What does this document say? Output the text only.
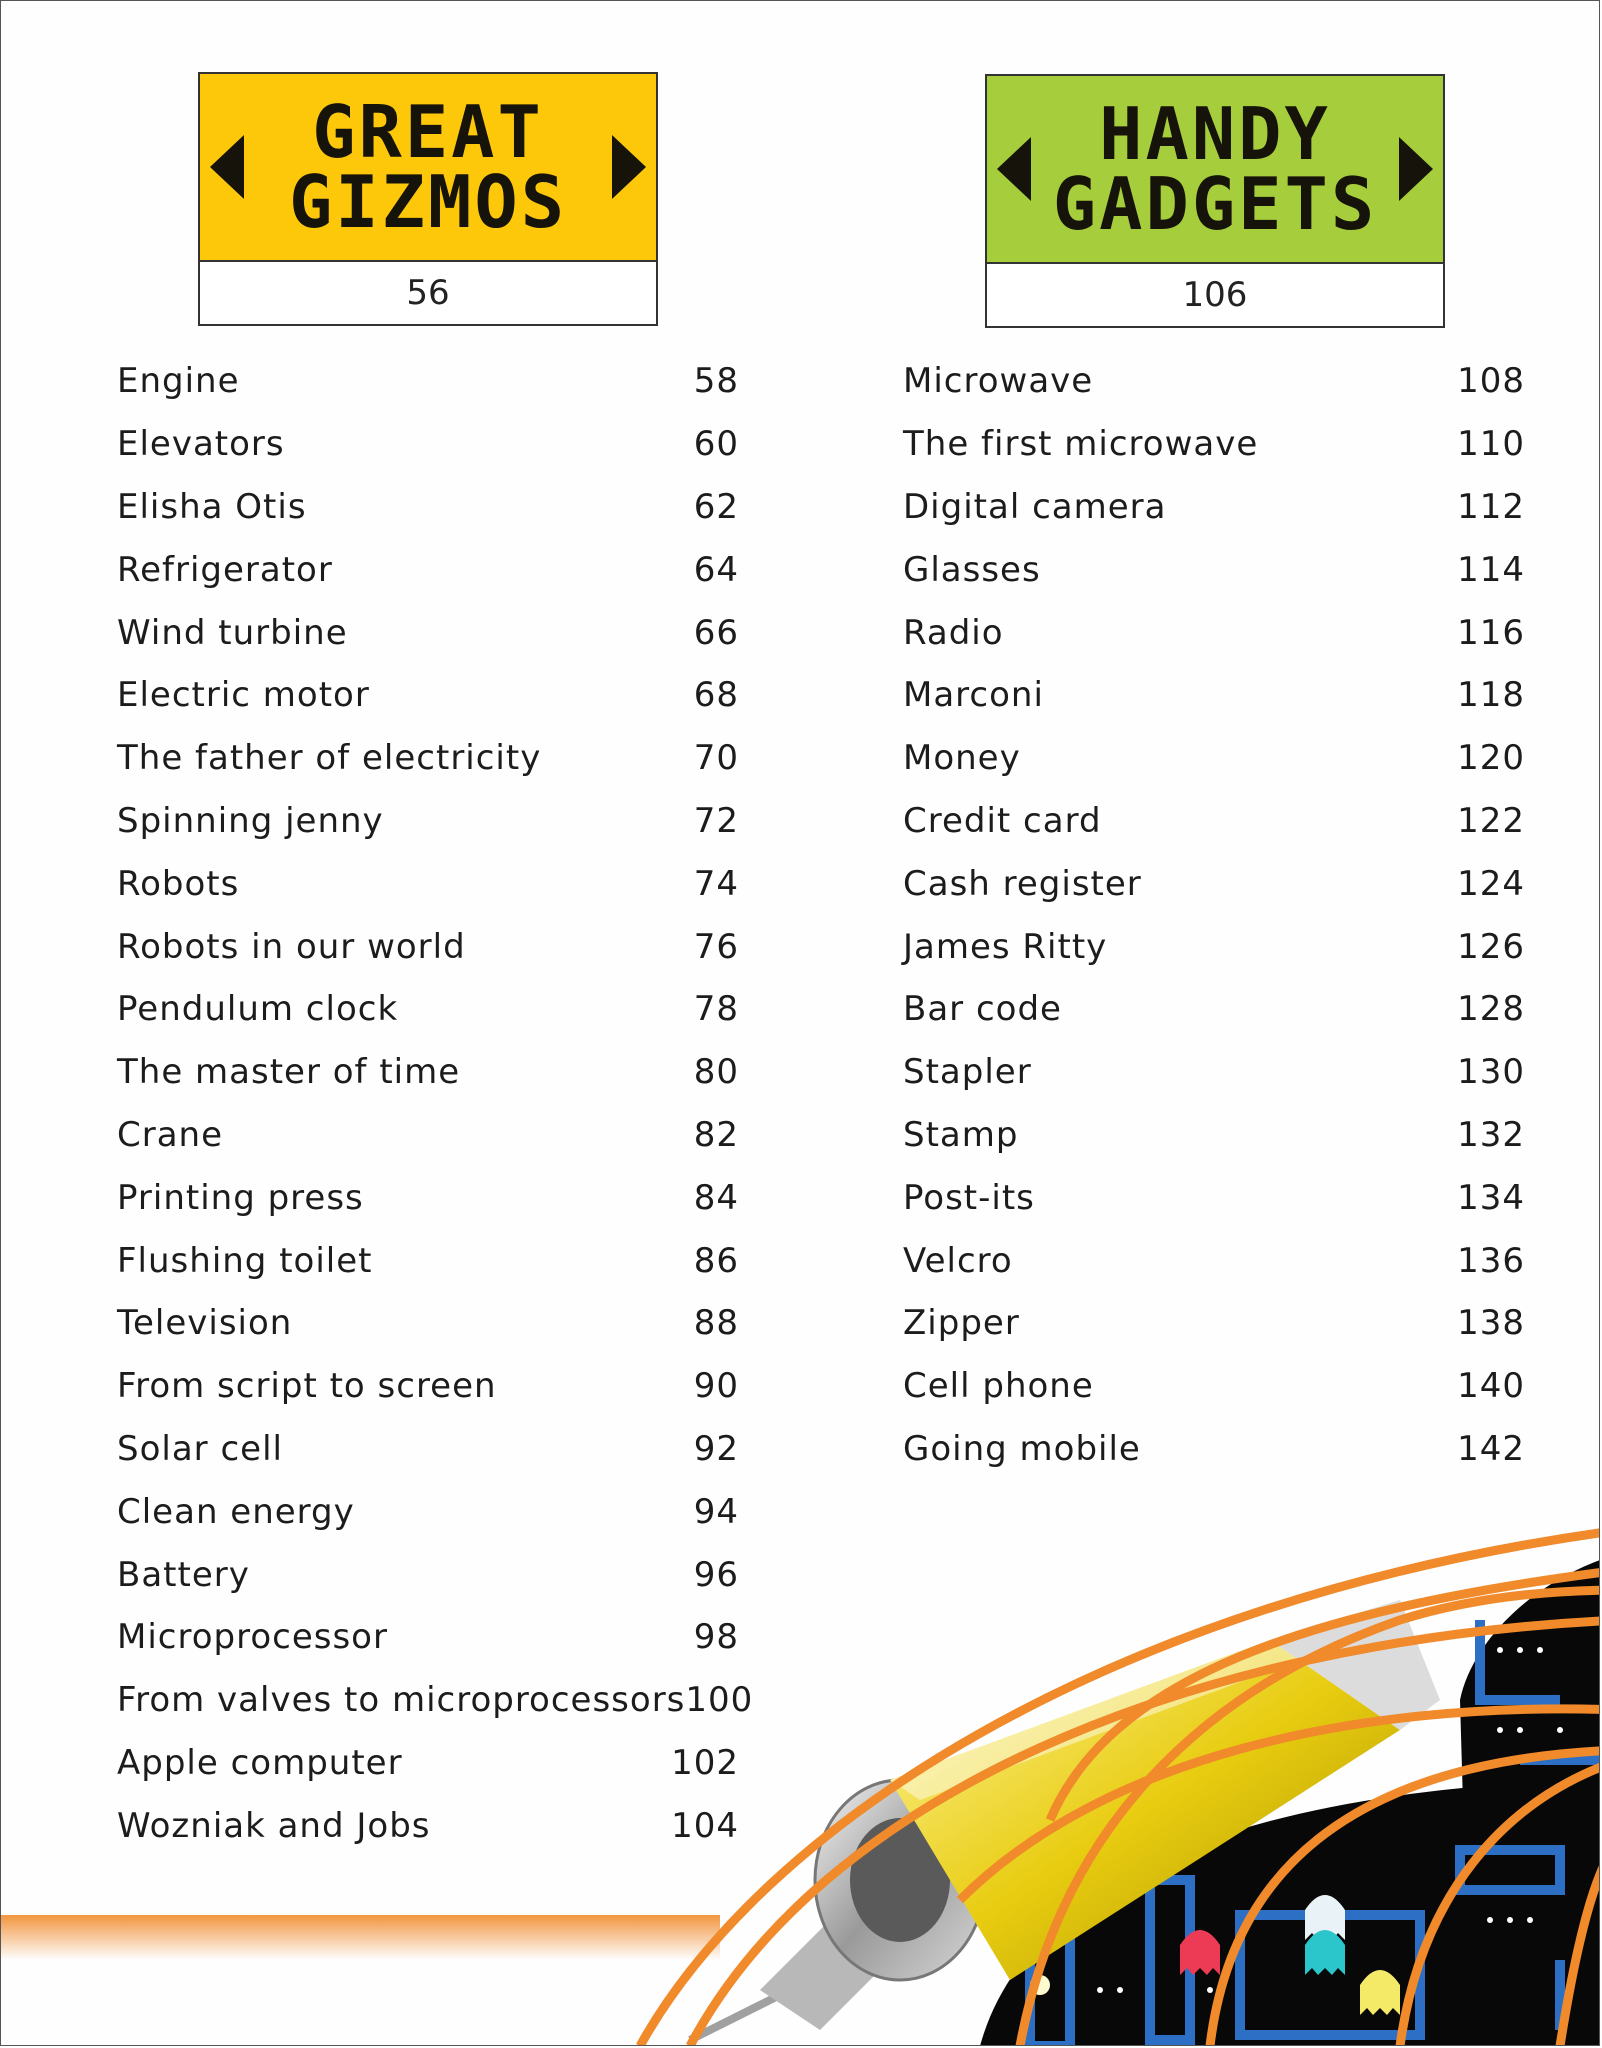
GREAT GIZMOS
56
HANDY GADGETS
106
Engine	58
Elevators	60
Elisha Otis	62
Refrigerator	64
Wind turbine	66
Electric motor	68
The father of electricity	70
Spinning jenny	72
Robots	74
Robots in our world	76
Pendulum clock	78
The master of time	80
Crane	82
Printing press	84
Flushing toilet	86
Television	88
From script to screen	90
Solar cell	92
Clean energy	94
Battery	96
Microprocessor	98
From valves to microprocessors 100
Apple computer	102
Wozniak and Jobs	104
Microwave	108
The first microwave	110
Digital camera	112
Glasses	114
Radio	116
Marconi	118
Money	120
Credit card	122
Cash register	124
James Ritty	126
Bar code	128
Stapler	130
Stamp	132
Post-its	134
Velcro	136
Zipper	138
Cell phone	140
Going mobile	142
